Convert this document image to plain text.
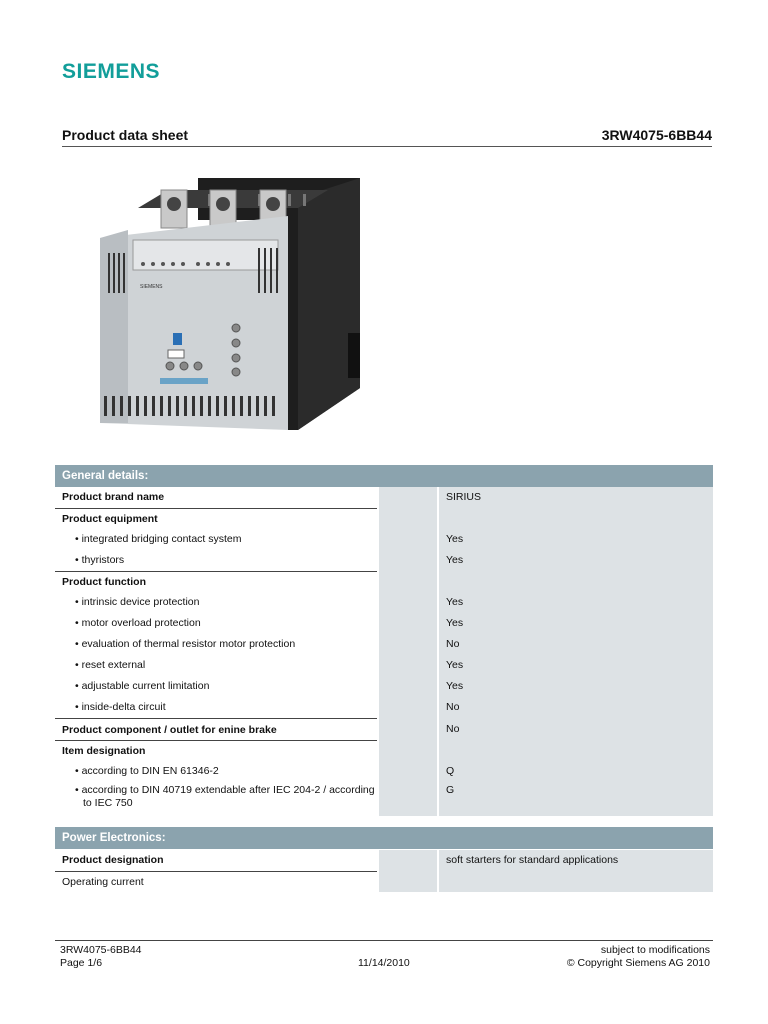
SIEMENS
Product data sheet	3RW4075-6BB44
SIEMENS
General details:
Product brand name		SIRIUS
Product equipment		
• integrated bridging contact system		Yes
• thyristors		Yes
Product function		
• intrinsic device protection		Yes
• motor overload protection		Yes
• evaluation of thermal resistor motor protection		No
• reset external		Yes
• adjustable current limitation		Yes
• inside-delta circuit		No
Product component / outlet for enine brake		No
Item designation		
• according to DIN EN 61346-2		Q

• according to DIN 40719 extendable after IEC 204-2 / according to IEC 750		G
Power Electronics:
Product designation		soft starters for standard applications
Operating current		
3RW4075-6BB44
Page 1/6	11/14/2010
subject to modifications
© Copyright Siemens AG 2010
